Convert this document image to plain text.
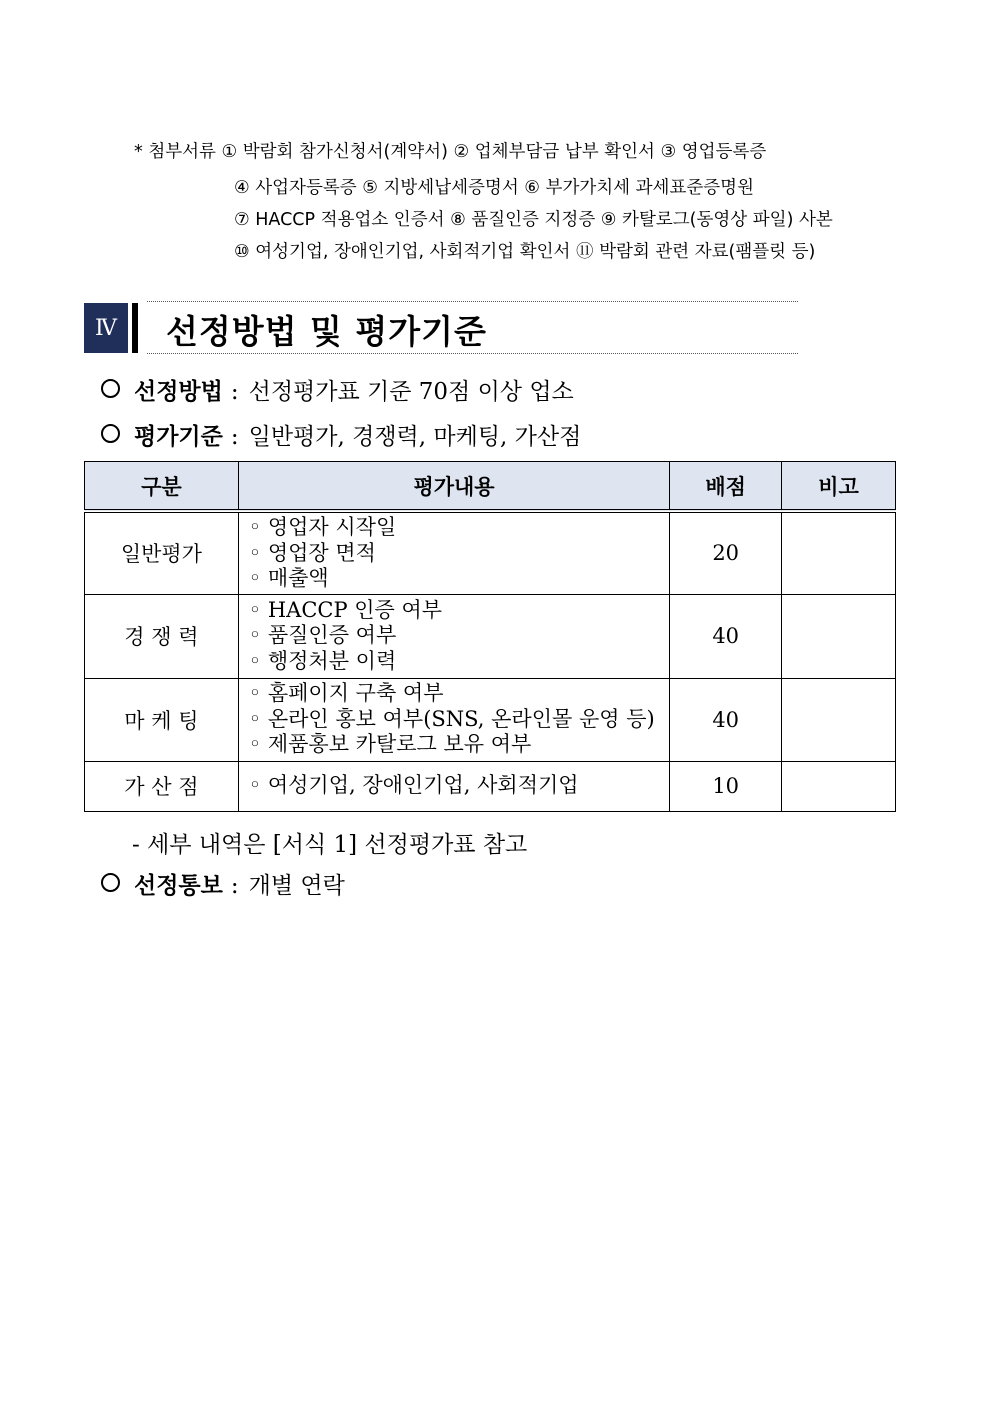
* 첨부서류 ① 박람회 참가신청서(계약서) ② 업체부담금 납부 확인서 ③ 영업등록증
④ 사업자등록증 ⑤ 지방세납세증명서 ⑥ 부가가치세 과세표준증명원
⑦ HACCP 적용업소 인증서 ⑧ 품질인증 지정증 ⑨ 카탈로그(동영상 파일) 사본
⑩ 여성기업, 장애인기업, 사회적기업 확인서 ⑪ 박람회 관련 자료(팸플릿 등)
Ⅳ	선정방법 및 평가기준
선정방법 : 선정평가표 기준 70점 이상 업소
평가기준 : 일반평가, 경쟁력, 마케팅, 가산점
구분	평가내용	배점	비고
일반평가	◦ 영업자 시작일
◦ 영업장 면적
◦ 매출액	20	
경 쟁 력	◦ HACCP 인증 여부
◦ 품질인증 여부
◦ 행정처분 이력	40	
마 케 팅	◦ 홈페이지 구축 여부
◦ 온라인 홍보 여부(SNS, 온라인몰 운영 등)
◦ 제품홍보 카탈로그 보유 여부	40	
가 산 점	◦ 여성기업, 장애인기업, 사회적기업	10	
- 세부 내역은 [서식 1] 선정평가표 참고
선정통보 : 개별 연락
